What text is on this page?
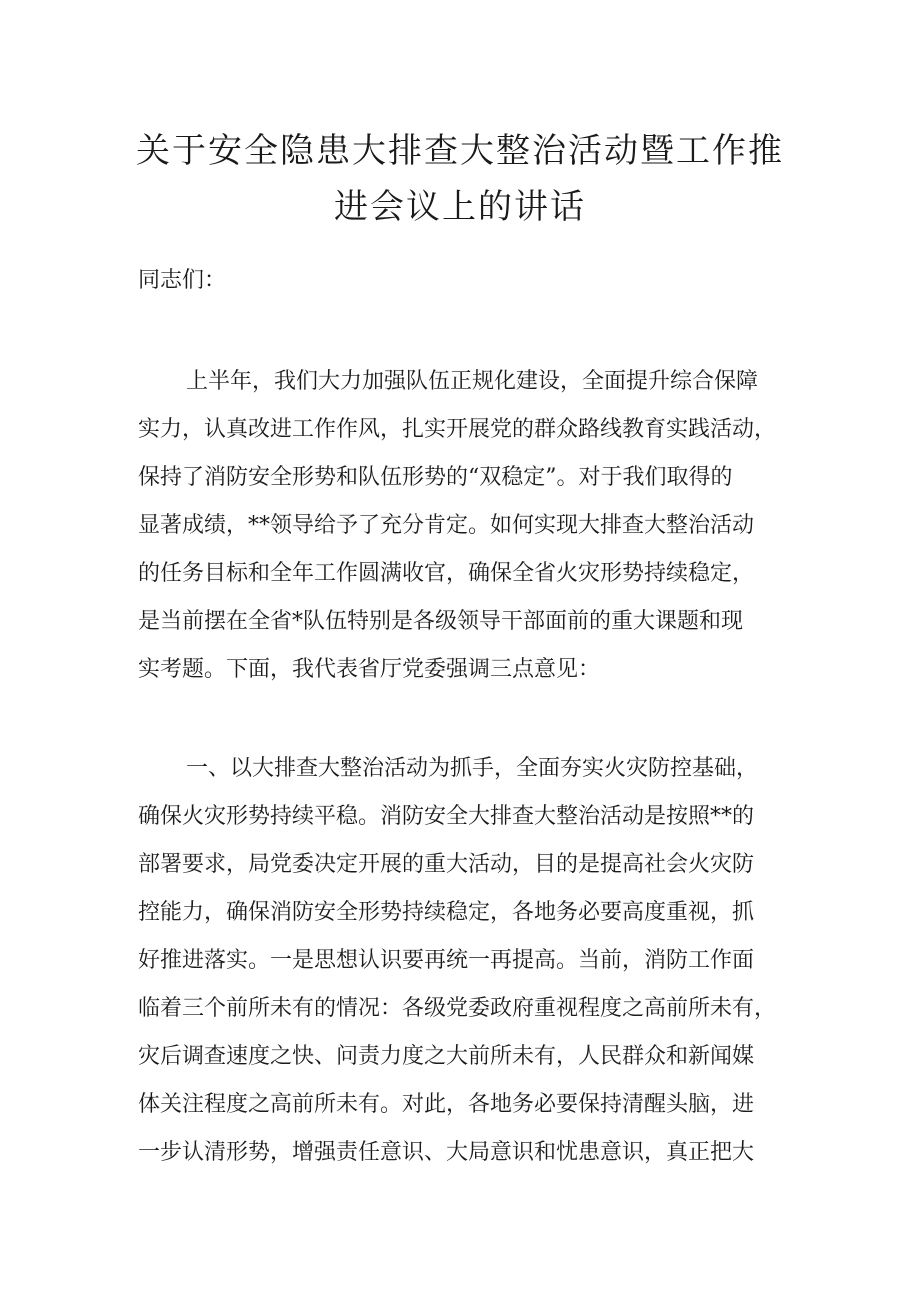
关于安全隐患大排查大整治活动暨工作推
进会议上的讲话
同志们：
上半年，我们大力加强队伍正规化建设，全面提升综合保障
实力，认真改进工作作风，扎实开展党的群众路线教育实践活动，
保持了消防安全形势和队伍形势的“双稳定”。对于我们取得的
显著成绩，**领导给予了充分肯定。如何实现大排查大整治活动
的任务目标和全年工作圆满收官，确保全省火灾形势持续稳定，
是当前摆在全省*队伍特别是各级领导干部面前的重大课题和现
实考题。下面，我代表省厅党委强调三点意见：
一、以大排查大整治活动为抓手，全面夯实火灾防控基础，
确保火灾形势持续平稳。消防安全大排查大整治活动是按照**的
部署要求，局党委决定开展的重大活动，目的是提高社会火灾防
控能力，确保消防安全形势持续稳定，各地务必要高度重视，抓
好推进落实。一是思想认识要再统一再提高。当前，消防工作面
临着三个前所未有的情况：各级党委政府重视程度之高前所未有，
灾后调查速度之快、问责力度之大前所未有，人民群众和新闻媒
体关注程度之高前所未有。对此，各地务必要保持清醒头脑，进
一步认清形势，增强责任意识、大局意识和忧患意识，真正把大
